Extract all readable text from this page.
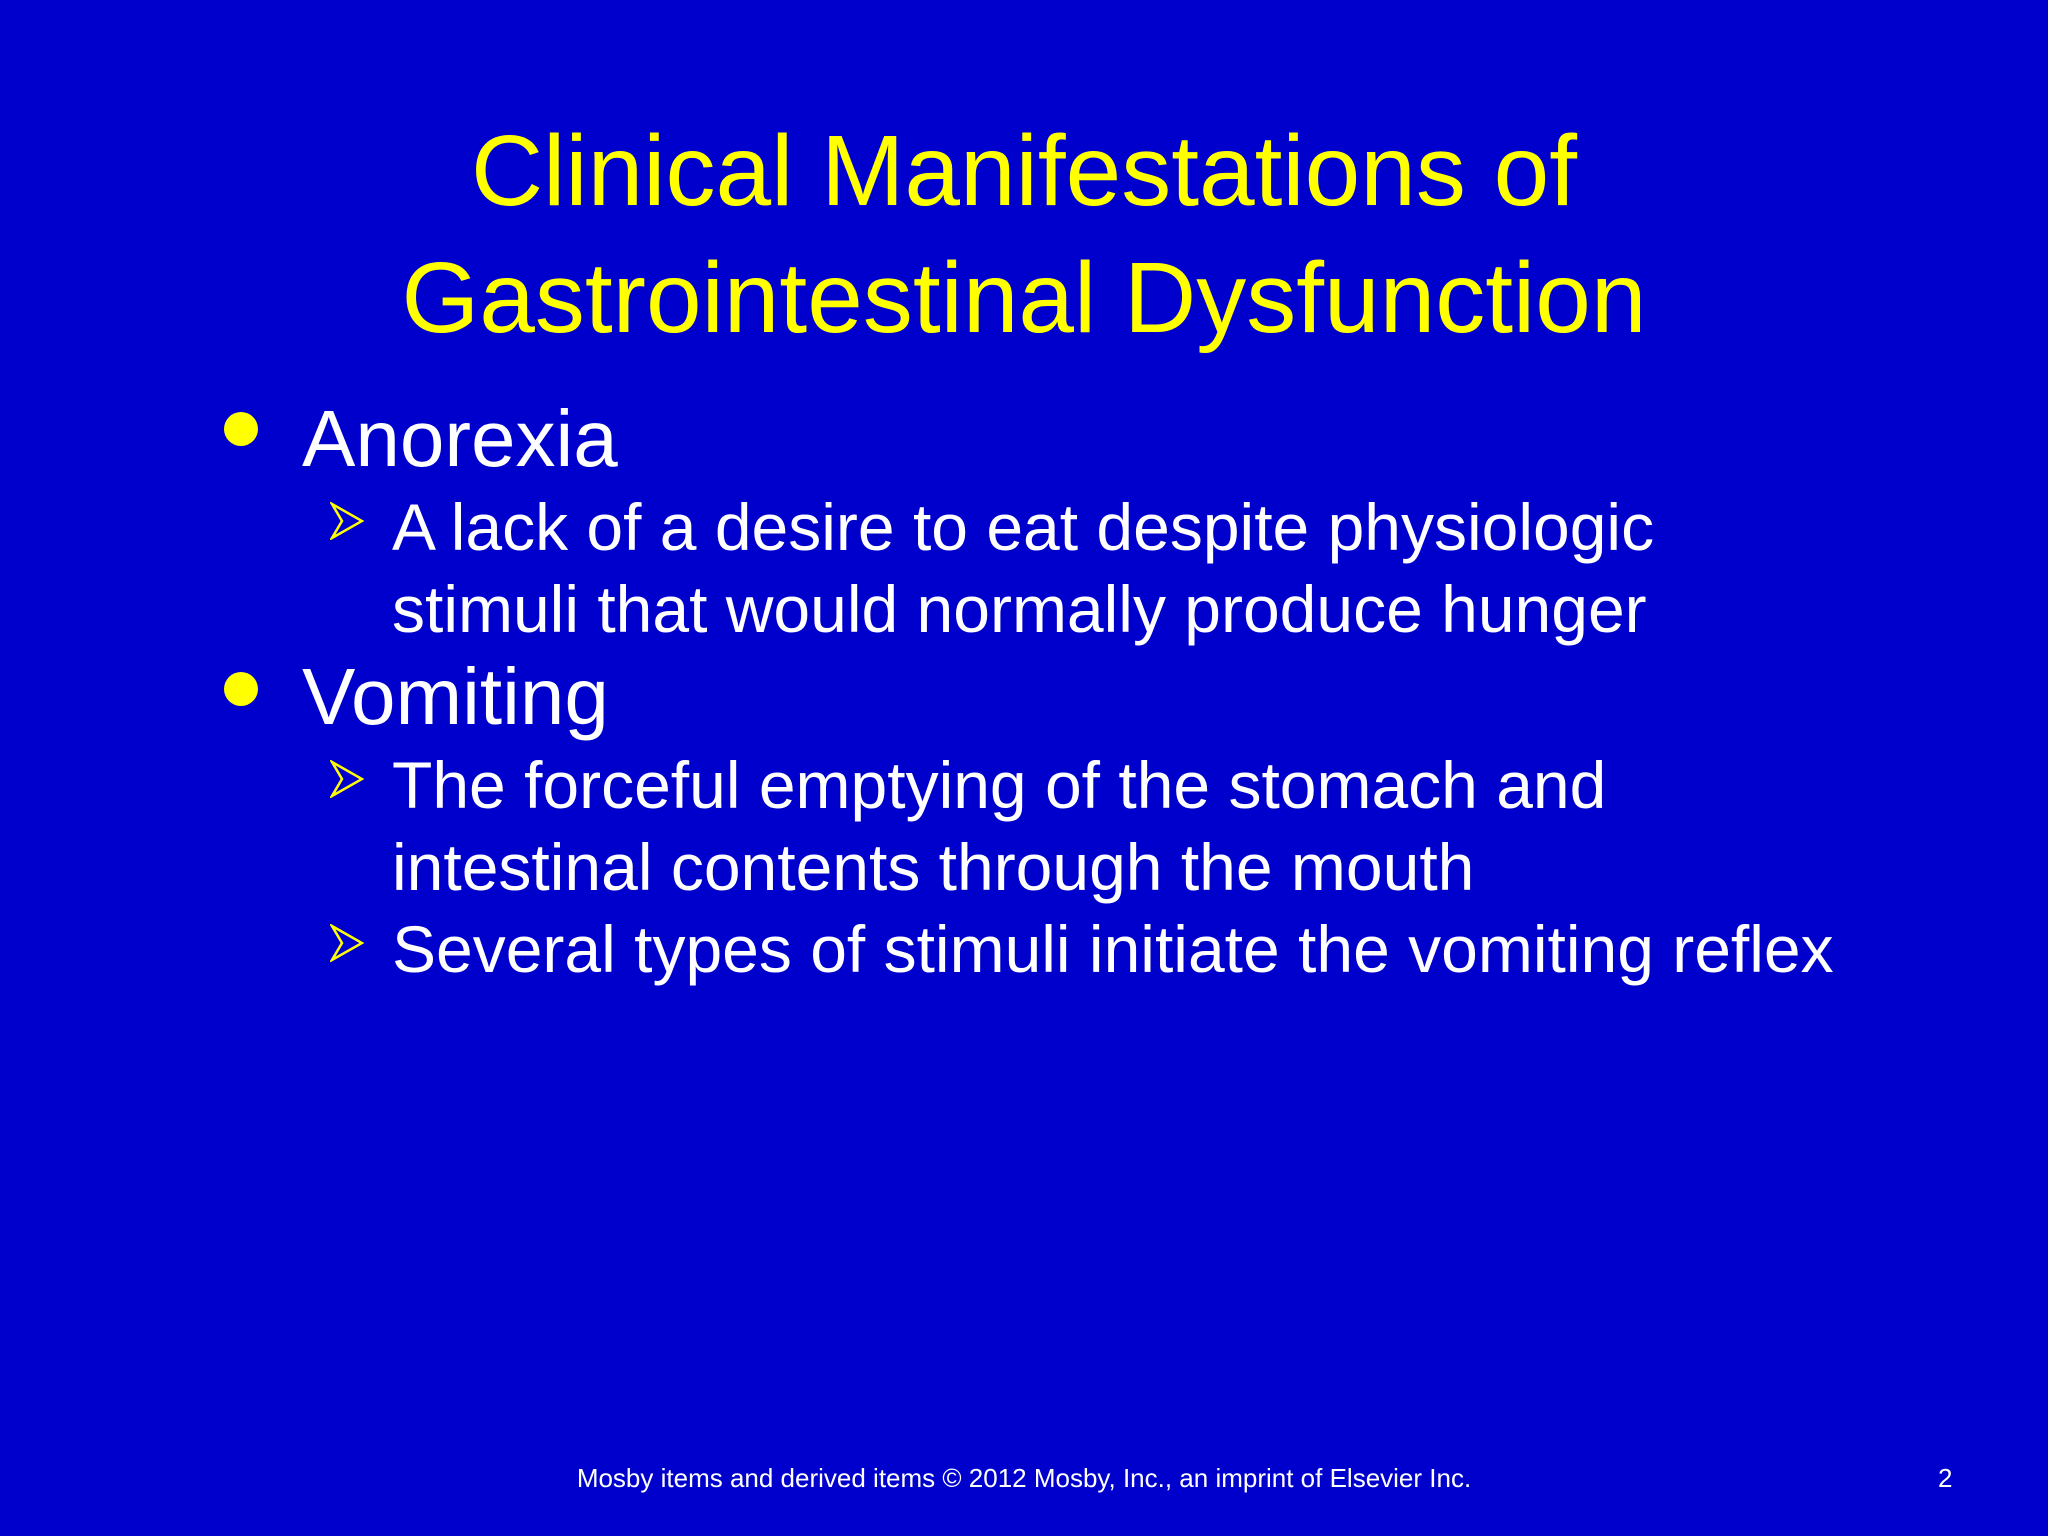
Clinical Manifestations of
Gastrointestinal Dysfunction
Anorexia
A lack of a desire to eat despite physiologic stimuli that would normally produce hunger
Vomiting
The forceful emptying of the stomach and intestinal contents through the mouth
Several types of stimuli initiate the vomiting reflex
Mosby items and derived items © 2012 Mosby, Inc., an imprint of Elsevier Inc.	2
